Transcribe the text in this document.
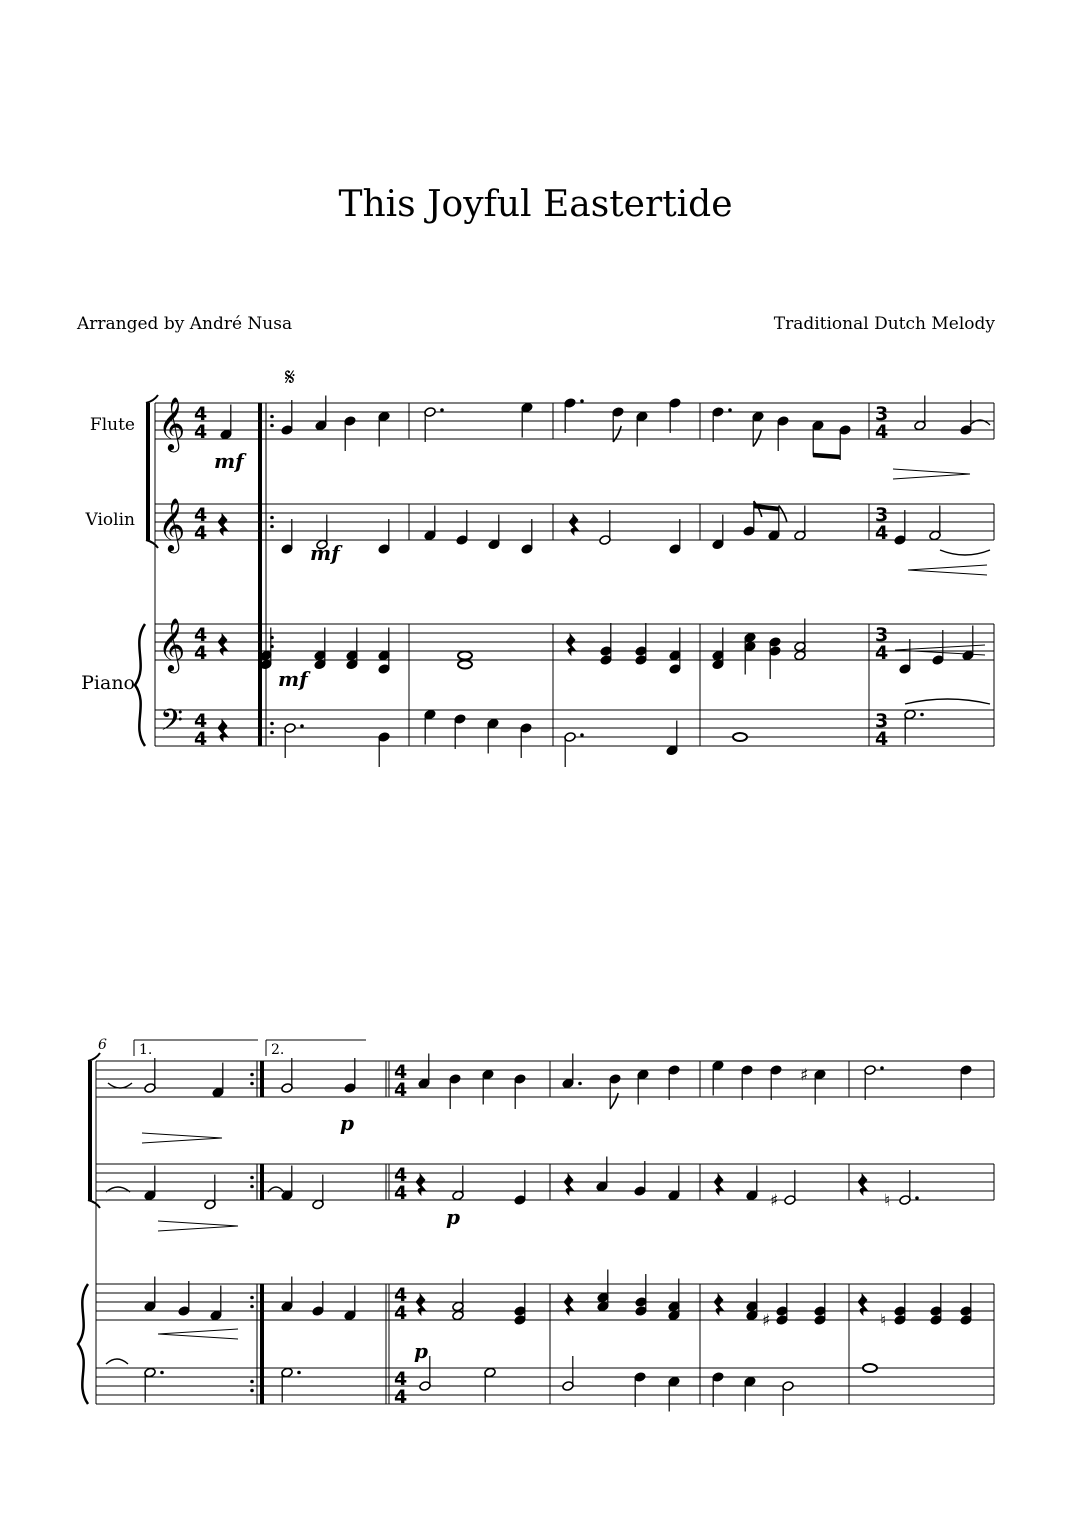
This Joyful Eastertide
Arranged by André Nusa	Traditional Dutch Melody
Flute
Violin
Piano
𝄞
𝄞
𝄞
𝄢
4
4
4
4
4
4
4
4
𝄋
mf
3
4
3
4
mf
3
4
mf
3
4
6 1.	2.
p
4
4
♯
4
4
p
♯	♮
4
4
p
♯	♮
4
4
